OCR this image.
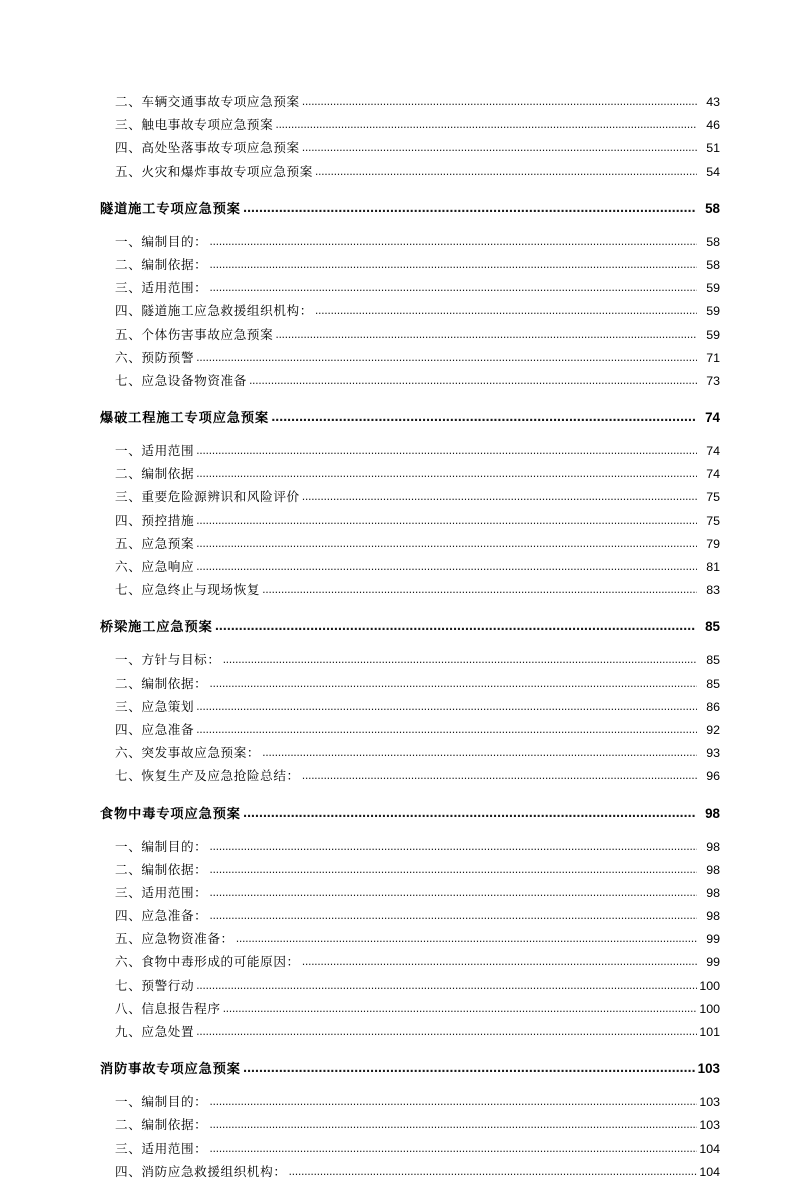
二、车辆交通事故专项应急预案 .....	43
三、触电事故专项应急预案 .....	46
四、高处坠落事故专项应急预案 .....	51
五、火灾和爆炸事故专项应急预案 .....	54
隧道施工专项应急预案 .....	58
一、编制目的： .....	58
二、编制依据： .....	58
三、适用范围： .....	59
四、隧道施工应急救援组织机构： .....	59
五、个体伤害事故应急预案 .....	59
六、预防预警 .....	71
七、应急设备物资准备 .....	73
爆破工程施工专项应急预案 .....	74
一、适用范围 .....	74
二、编制依据 .....	74
三、重要危险源辨识和风险评价 .....	75
四、预控措施 .....	75
五、应急预案 .....	79
六、应急响应 .....	81
七、应急终止与现场恢复 .....	83
桥梁施工应急预案 .....	85
一、方针与目标： .....	85
二、编制依据： .....	85
三、应急策划 .....	86
四、应急准备 .....	92
六、突发事故应急预案： .....	93
七、恢复生产及应急抢险总结： .....	96
食物中毒专项应急预案 .....	98
一、编制目的： .....	98
二、编制依据： .....	98
三、适用范围： .....	98
四、应急准备： .....	98
五、应急物资准备： .....	99
六、食物中毒形成的可能原因： .....	99
七、预警行动 .....	100
八、信息报告程序 .....	100
九、应急处置 .....	101
消防事故专项应急预案 .....	103
一、编制目的： .....	103
二、编制依据： .....	103
三、适用范围： .....	104
四、消防应急救援组织机构： .....	104
